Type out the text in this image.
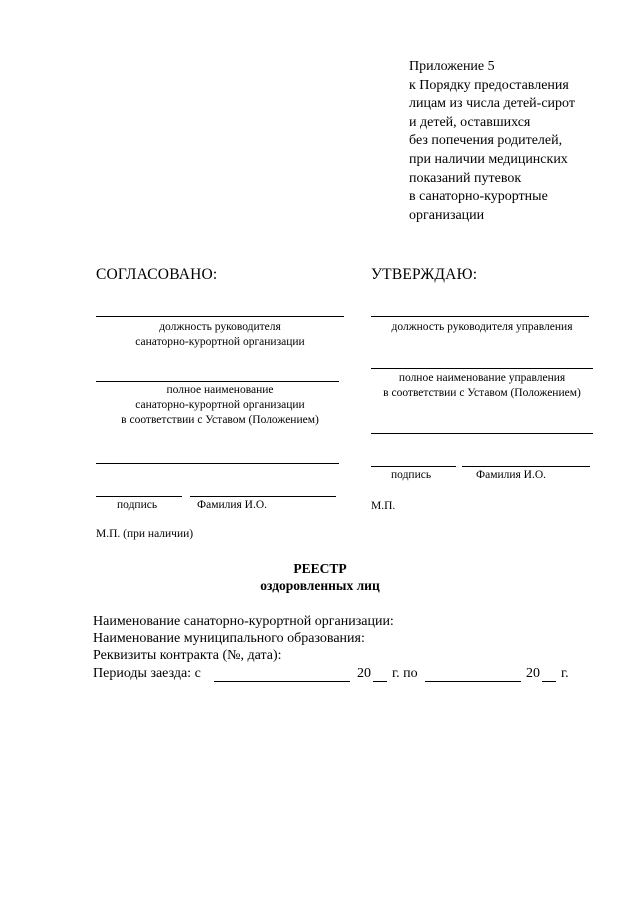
Приложение 5
к Порядку предоставления
лицам из числа детей-сирот
и детей, оставшихся
без попечения родителей,
при наличии медицинских
показаний путевок
в санаторно-курортные
организации
СОГЛАСОВАНО:
должность руководителя
санаторно-курортной организации
полное наименование
санаторно-курортной организации
в соответствии с Уставом (Положением)
подпись	Фамилия И.О.
М.П. (при наличии)
УТВЕРЖДАЮ:
должность руководителя управления
полное наименование управления
в соответствии с Уставом (Положением)
подпись	Фамилия И.О.
М.П.
РЕЕСТР
оздоровленных лиц
Наименование санаторно-курортной организации:
Наименование муниципального образования:
Реквизиты контракта (№, дата):
Периоды заезда: с	20 г. по	20 г.
